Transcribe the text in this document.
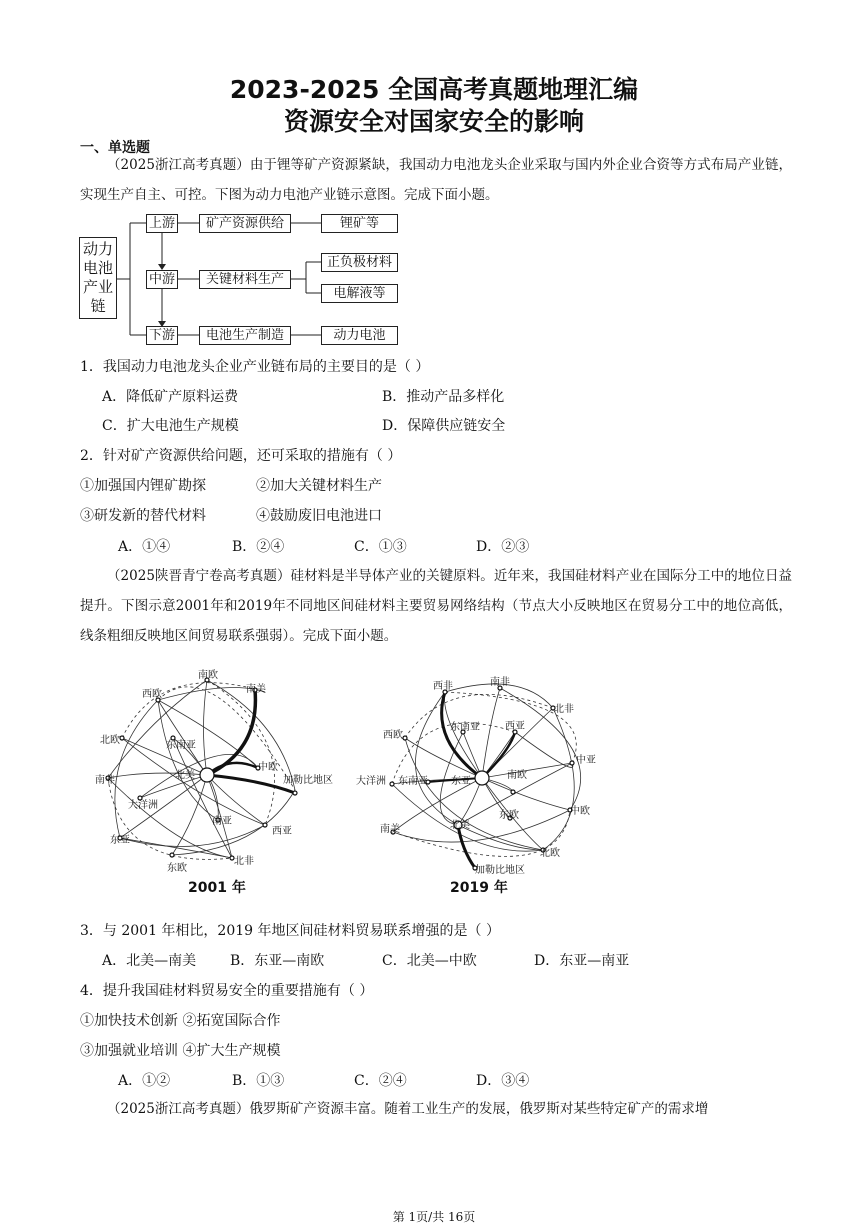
2023-2025 全国高考真题地理汇编
资源安全对国家安全的影响
一、单选题
（2025浙江高考真题）由于锂等矿产资源紧缺，我国动力电池龙头企业采取与国内外企业合资等方式布局产业链，实现生产自主、可控。下图为动力电池产业链示意图。完成下面小题。
动力电池产业链
上游
中游
下游
矿产资源供给
关键材料生产
电池生产制造
锂矿等
正负极材料
电解液等
动力电池
1．我国动力电池龙头企业产业链布局的主要目的是（ ）
A．降低矿产原料运费	B．推动产品多样化
C．扩大电池生产规模	D．保障供应链安全
2．针对矿产资源供给问题，还可采取的措施有（ ）
①加强国内锂矿勘探	②加大关键材料生产
③研发新的替代材料	④鼓励废旧电池进口
A．①④	B．②④	C．①③	D．②③
（2025陕晋青宁卷高考真题）硅材料是半导体产业的关键原料。近年来，我国硅材料产业在国际分工中的地位日益提升。下图示意2001年和2019年不同地区间硅材料主要贸易网络结构（节点大小反映地区在贸易分工中的地位高低，线条粗细反映地区间贸易联系强弱）。完成下面小题。
南欧
南美
西欧
北欧	东南亚
北美
中欧
加勒比地区
南非
大洋洲
南亚
西亚
东亚
东欧
北非
2001 年
西非	南非
北非
西欧
东南亚	西亚
中亚
大洋洲 东南亚 东亚
南欧
中欧
南美	北美
东欧
北欧
加勒比地区
2019 年
3．与 2001 年相比，2019 年地区间硅材料贸易联系增强的是（ ）
A．北美—南美 B．东亚—南欧	C．北美—中欧	D．东亚—南亚
4．提升我国硅材料贸易安全的重要措施有（ ）
①加快技术创新 ②拓宽国际合作
③加强就业培训 ④扩大生产规模
A．①②	B．①③	C．②④	D．③④
（2025浙江高考真题）俄罗斯矿产资源丰富。随着工业生产的发展，俄罗斯对某些特定矿产的需求增
第 1页/共 16页
